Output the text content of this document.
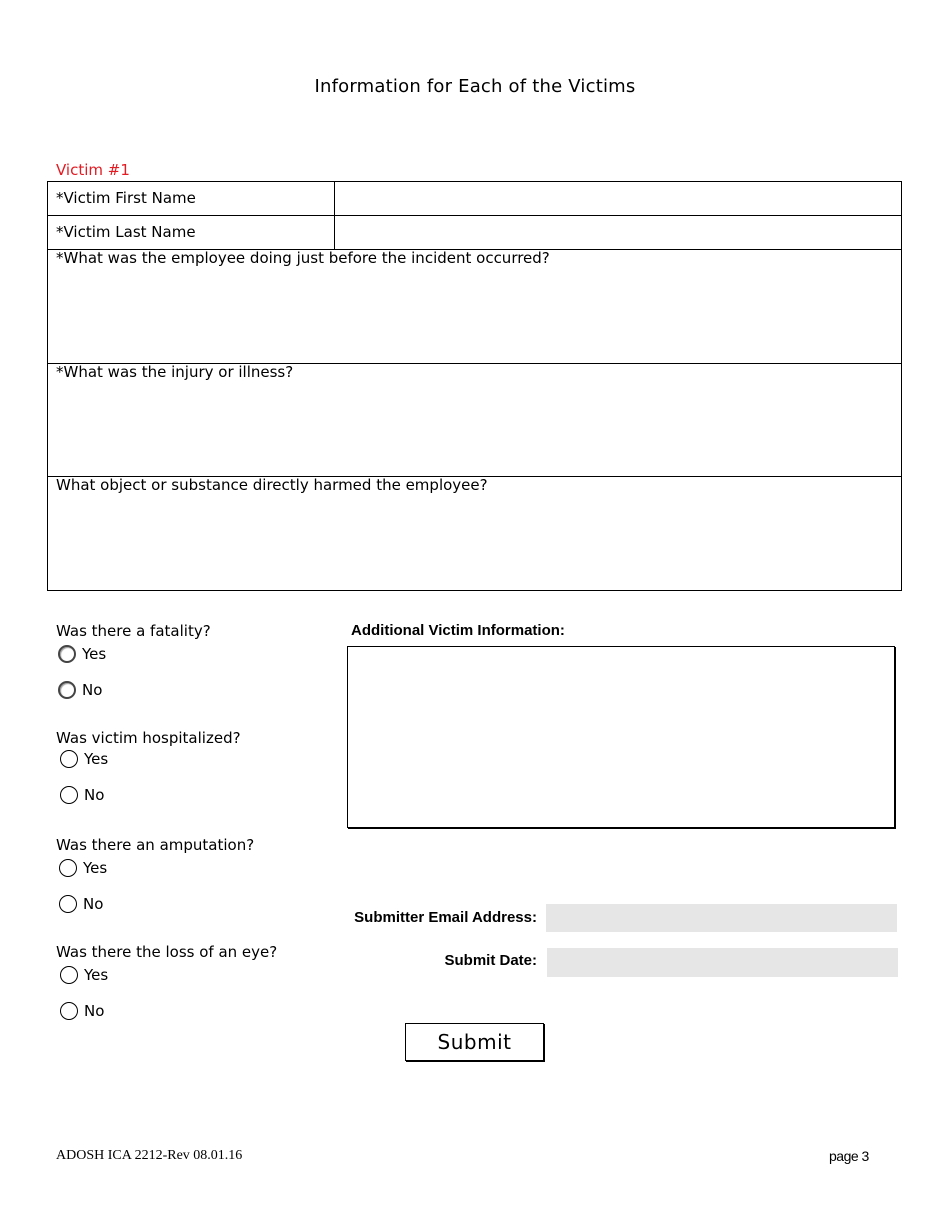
Information for Each of the Victims
Victim #1
*Victim First Name	

*Victim Last Name	

*What was the employee doing just before the incident occurred?	

*What was the injury or illness?	

What object or substance directly harmed the employee?	
Was there a fatality?
Yes
No
Was victim hospitalized?
Yes
No
Was there an amputation?
Yes
No
Was there the loss of an eye?
Yes
No
Additional Victim Information:
Submitter Email Address:
Submit Date:
Submit
ADOSH ICA 2212-Rev 08.01.16	page 3
